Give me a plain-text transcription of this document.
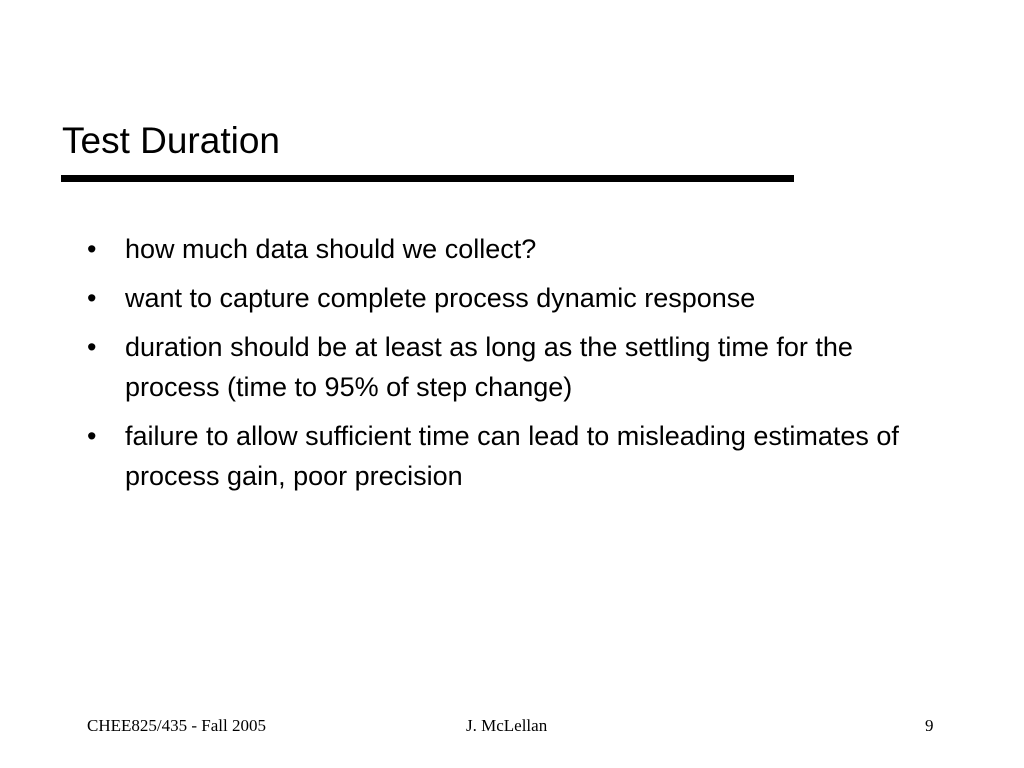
Test Duration
• how much data should we collect?
• want to capture complete process dynamic response
• duration should be at least as long as the settling time for the process (time to 95% of step change)
• failure to allow sufficient time can lead to misleading estimates of process gain, poor precision
CHEE825/435 - Fall 2005	J. McLellan	9
